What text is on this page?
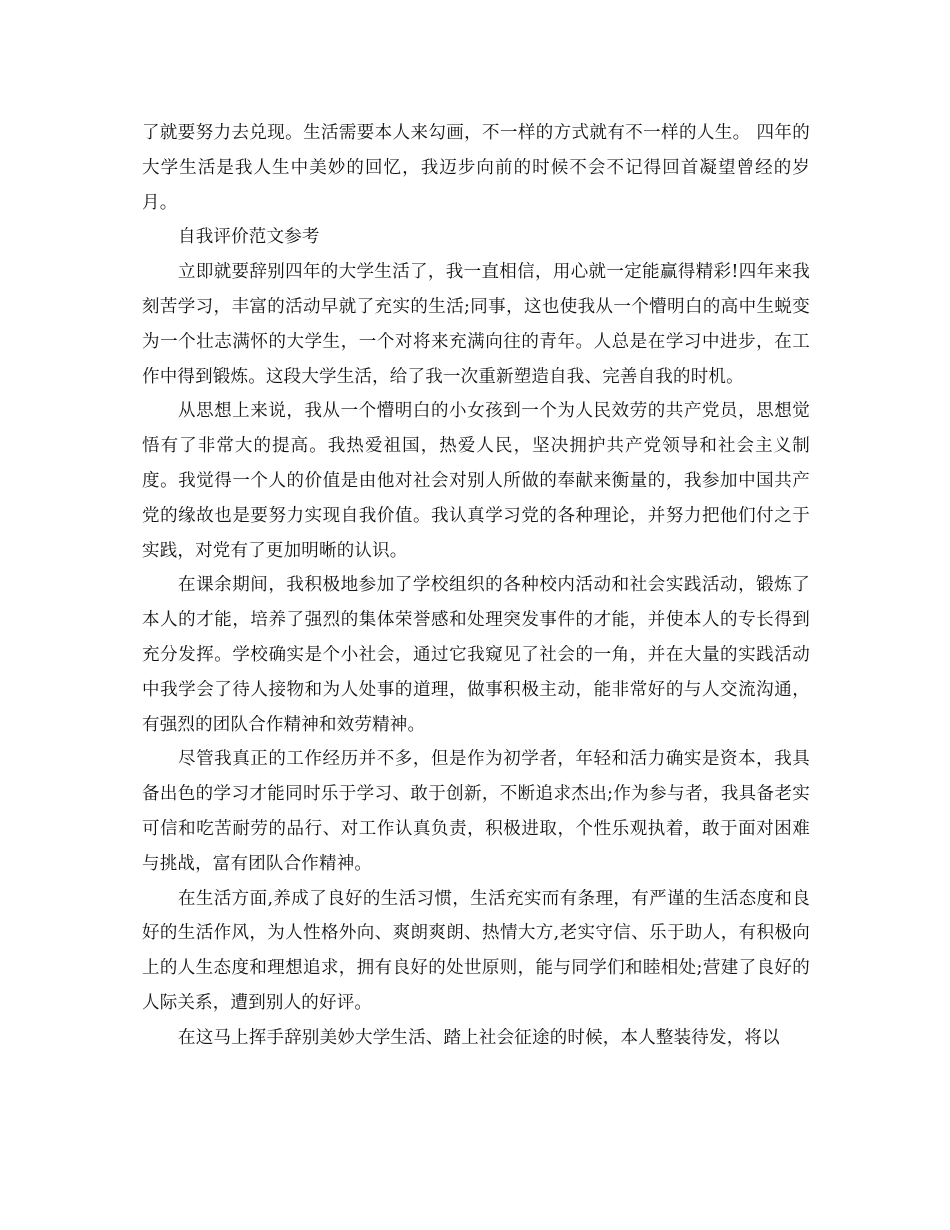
了就要努力去兑现。生活需要本人来勾画，不一样的方式就有不一样的人生。 四年的大学生活是我人生中美妙的回忆，我迈步向前的时候不会不记得回首凝望曾经的岁月。

自我评价范文参考

立即就要辞别四年的大学生活了，我一直相信，用心就一定能赢得精彩!四年来我刻苦学习，丰富的活动早就了充实的生活;同事，这也使我从一个懵明白的高中生蜕变为一个壮志满怀的大学生，一个对将来充满向往的青年。人总是在学习中进步，在工作中得到锻炼。这段大学生活，给了我一次重新塑造自我、完善自我的时机。

从思想上来说，我从一个懵明白的小女孩到一个为人民效劳的共产党员，思想觉悟有了非常大的提高。我热爱祖国，热爱人民，坚决拥护共产党领导和社会主义制度。我觉得一个人的价值是由他对社会对别人所做的奉献来衡量的，我参加中国共产党的缘故也是要努力实现自我价值。我认真学习党的各种理论，并努力把他们付之于实践，对党有了更加明晰的认识。

在课余期间，我积极地参加了学校组织的各种校内活动和社会实践活动，锻炼了本人的才能，培养了强烈的集体荣誉感和处理突发事件的才能，并使本人的专长得到充分发挥。学校确实是个小社会，通过它我窥见了社会的一角，并在大量的实践活动中我学会了待人接物和为人处事的道理，做事积极主动，能非常好的与人交流沟通，有强烈的团队合作精神和效劳精神。

尽管我真正的工作经历并不多，但是作为初学者，年轻和活力确实是资本，我具备出色的学习才能同时乐于学习、敢于创新，不断追求杰出;作为参与者，我具备老实可信和吃苦耐劳的品行、对工作认真负责，积极进取，个性乐观执着，敢于面对困难与挑战，富有团队合作精神。

在生活方面,养成了良好的生活习惯，生活充实而有条理，有严谨的生活态度和良好的生活作风，为人性格外向、爽朗爽朗、热情大方,老实守信、乐于助人，有积极向上的人生态度和理想追求，拥有良好的处世原则，能与同学们和睦相处;营建了良好的人际关系，遭到别人的好评。

在这马上挥手辞别美妙大学生活、踏上社会征途的时候，本人整装待发，将以
